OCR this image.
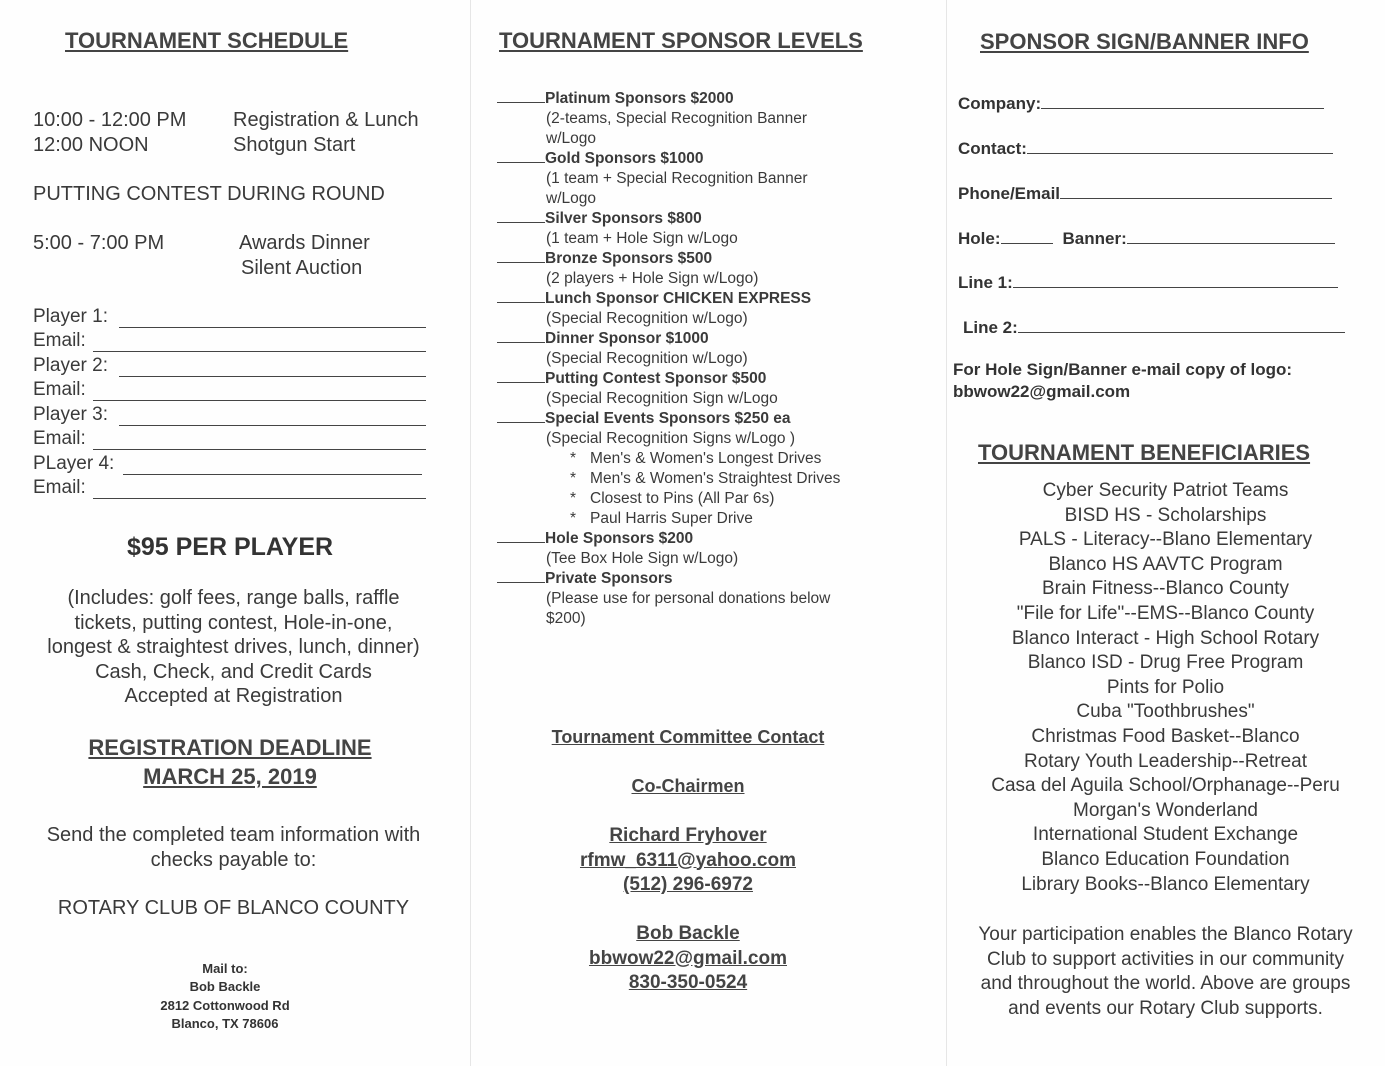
TOURNAMENT SCHEDULE
10:00 - 12:00 PM Registration & Lunch
12:00 NOON	Shotgun Start
PUTTING CONTEST DURING ROUND
5:00 - 7:00 PM	Awards Dinner
Silent Auction
Player 1:
Email:
Player 2:
Email:
Player 3:
Email:
PLayer 4:
Email:
$95 PER PLAYER
(Includes: golf fees, range balls, raffle
tickets, putting contest, Hole-in-one,
longest & straightest drives, lunch, dinner)
Cash, Check, and Credit Cards
Accepted at Registration
REGISTRATION DEADLINE
MARCH 25, 2019
Send the completed team information with
checks payable to:
ROTARY CLUB OF BLANCO COUNTY
Mail to:
Bob Backle
2812 Cottonwood Rd
Blanco, TX 78606
TOURNAMENT SPONSOR LEVELS
Platinum Sponsors $2000
(2-teams, Special Recognition Banner
w/Logo
Gold Sponsors $1000
(1 team + Special Recognition Banner
w/Logo
Silver Sponsors $800
(1 team + Hole Sign w/Logo
Bronze Sponsors $500
(2 players + Hole Sign w/Logo)
Lunch Sponsor CHICKEN EXPRESS
(Special Recognition w/Logo)
Dinner Sponsor $1000
(Special Recognition w/Logo)
Putting Contest Sponsor $500
(Special Recognition Sign w/Logo
Special Events Sponsors $250 ea
(Special Recognition Signs w/Logo )
* Men's & Women's Longest Drives
* Men's & Women's Straightest Drives
* Closest to Pins (All Par 6s)
* Paul Harris Super Drive
Hole Sponsors $200
(Tee Box Hole Sign w/Logo)
Private Sponsors
(Please use for personal donations below
$200)
Tournament Committee Contact
Co-Chairmen
Richard Fryhover
rfmw_6311@yahoo.com
(512) 296-6972
Bob Backle
bbwow22@gmail.com
830-350-0524
SPONSOR SIGN/BANNER INFO
Company:
Contact:
Phone/Email
Hole:	Banner:
Line 1:
Line 2:
For Hole Sign/Banner e-mail copy of logo:
bbwow22@gmail.com
TOURNAMENT BENEFICIARIES
Cyber Security Patriot Teams
BISD HS - Scholarships
PALS - Literacy--Blano Elementary
Blanco HS AAVTC Program
Brain Fitness--Blanco County
"File for Life"--EMS--Blanco County
Blanco Interact - High School Rotary
Blanco ISD - Drug Free Program
Pints for Polio
Cuba "Toothbrushes"
Christmas Food Basket--Blanco
Rotary Youth Leadership--Retreat
Casa del Aguila School/Orphanage--Peru
Morgan's Wonderland
International Student Exchange
Blanco Education Foundation
Library Books--Blanco Elementary
Your participation enables the Blanco Rotary
Club to support activities in our community
and throughout the world. Above are groups
and events our Rotary Club supports.
